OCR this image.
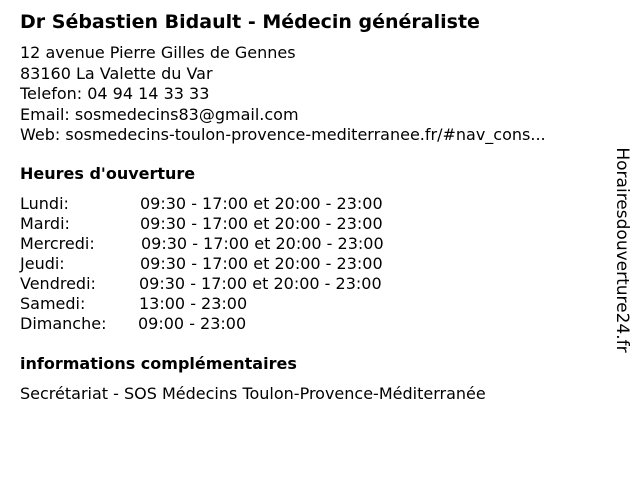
Dr Sébastien Bidault - Médecin généraliste
12 avenue Pierre Gilles de Gennes
83160 La Valette du Var
Telefon: 04 94 14 33 33
Email: sosmedecins83@gmail.com
Web: sosmedecins-toulon-provence-mediterranee.fr/#nav_cons...
Heures d'ouverture
Lundi:	09:30 - 17:00 et 20:00 - 23:00
Mardi:	09:30 - 17:00 et 20:00 - 23:00
Mercredi:	09:30 - 17:00 et 20:00 - 23:00
Jeudi:	09:30 - 17:00 et 20:00 - 23:00
Vendredi:	09:30 - 17:00 et 20:00 - 23:00
Samedi:	13:00 - 23:00
Dimanche: 09:00 - 23:00
informations complémentaires
Secrétariat - SOS Médecins Toulon-Provence-Méditerranée
Horairesdouverture24.fr
